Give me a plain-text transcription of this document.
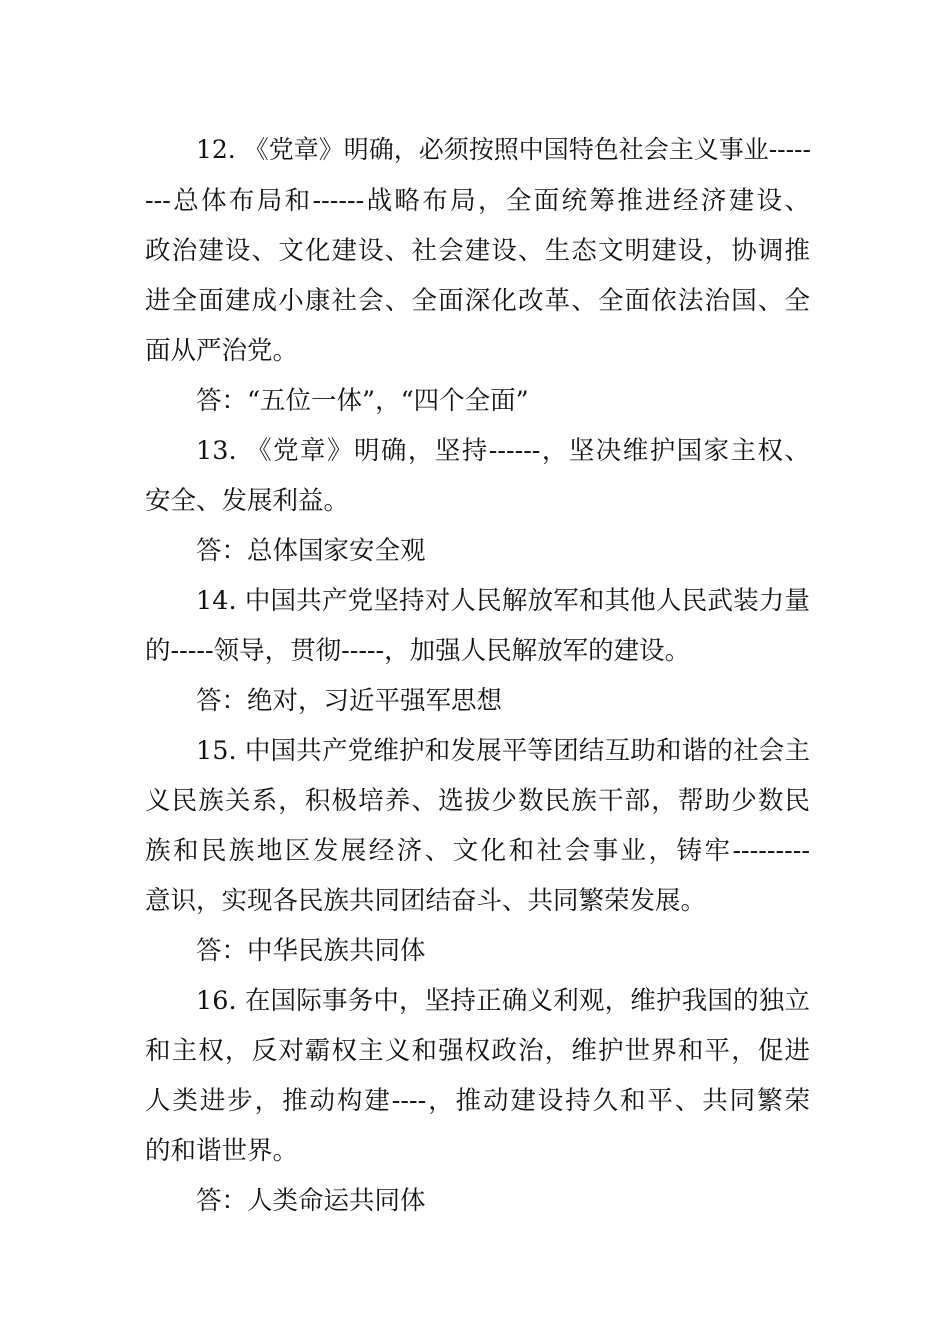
12. 《党章》明确，必须按照中国特色社会主义事业-----
---总体布局和------战略布局，全面统筹推进经济建设、
政治建设、文化建设、社会建设、生态文明建设，协调推
进全面建成小康社会、全面深化改革、全面依法治国、全
面从严治党。
答：“五位一体”，“四个全面”
13. 《党章》明确，坚持------，坚决维护国家主权、
安全、发展利益。
答：总体国家安全观
14. 中国共产党坚持对人民解放军和其他人民武装力量
的-----领导，贯彻-----，加强人民解放军的建设。
答：绝对，习近平强军思想
15. 中国共产党维护和发展平等团结互助和谐的社会主
义民族关系，积极培养、选拔少数民族干部，帮助少数民
族和民族地区发展经济、文化和社会事业，铸牢---------
意识，实现各民族共同团结奋斗、共同繁荣发展。
答：中华民族共同体
16. 在国际事务中，坚持正确义利观，维护我国的独立
和主权，反对霸权主义和强权政治，维护世界和平，促进
人类进步，推动构建----，推动建设持久和平、共同繁荣
的和谐世界。
答：人类命运共同体
